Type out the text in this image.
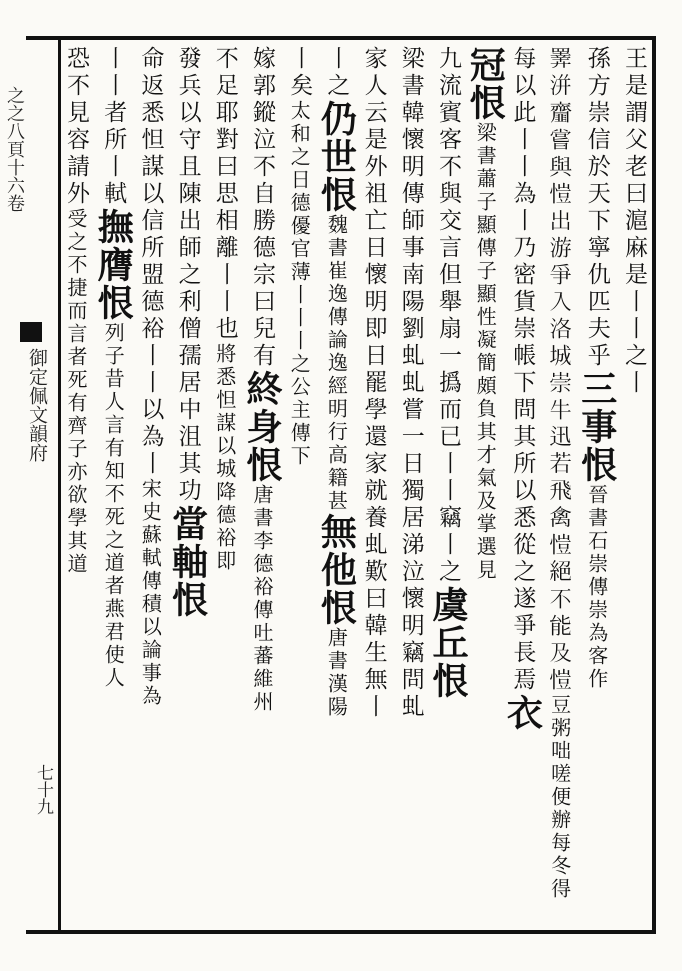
之之八頁十六卷
御定佩文韻府
七十九
王是謂父老曰滬麻是丨丨之丨
孫方崇信於天下寧仇匹夫乎三事恨晉書石崇傳崇為客作
𢍰洴齏嘗與愷出游爭入洛城崇牛迅若飛禽愷絕不能及愷豆粥咄嗟便辦每冬得
每以此丨丨為丨乃密貨崇帳下問其所以悉從之遂爭長焉衣
冠恨梁書蕭子顯傳子顯性凝簡頗負其才氣及掌選見
九流賓客不與交言但舉扇一撝而已丨丨竊丨之虞丘恨
梁書韓懷明傳師事南陽劉虬虬嘗一日獨居涕泣懷明竊問虬
家人云是外祖亡日懷明即日罷學還家就養虬歎曰韓生無丨
丨之仍世恨魏書崔逸傳論逸經明行高籍甚無他恨唐書漢陽
丨矣太和之日德優官薄丨丨丨之公主傳下
嫁郭鏦泣不自勝德宗曰兒有終身恨唐書李德裕傳吐蕃維州
不足耶對曰思相離丨丨也將悉怛謀以城降德裕即
發兵以守且陳出師之利僧孺居中沮其功當軸恨
命返悉怛謀以信所盟德裕丨丨以為丨宋史蘇軾傳積以論事為
丨丨者所丨軾撫膺恨列子昔人言有知不死之道者燕君使人
恐不見容請外受之不捷而言者死有齊子亦欲學其道
